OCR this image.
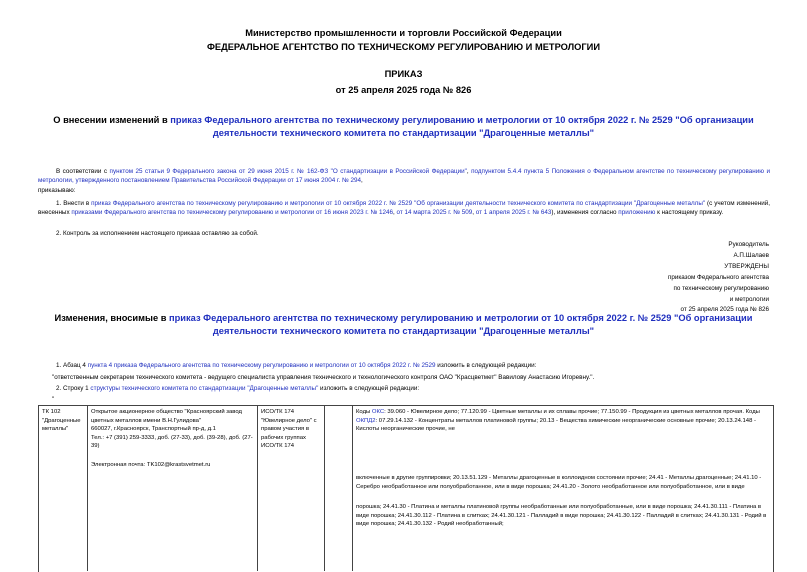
Министерство промышленности и торговли Российской Федерации
ФЕДЕРАЛЬНОЕ АГЕНТСТВО ПО ТЕХНИЧЕСКОМУ РЕГУЛИРОВАНИЮ И МЕТРОЛОГИИ
ПРИКАЗ
от 25 апреля 2025 года № 826
О внесении изменений в приказ Федерального агентства по техническому регулированию и метрологии от 10 октября 2022 г. № 2529 "Об организации деятельности технического комитета по стандартизации "Драгоценные металлы"
В соответствии с пунктом 25 статьи 9 Федерального закона от 29 июня 2015 г. № 162-ФЗ "О стандартизации в Российской Федерации", подпунктом 5.4.4 пункта 5 Положения о Федеральном агентстве по техническому регулированию и метрологии, утвержденного постановлением Правительства Российской Федерации от 17 июня 2004 г. № 294,
приказываю:
1. Внести в приказ Федерального агентства по техническому регулированию и метрологии от 10 октября 2022 г. № 2529 "Об организации деятельности технического комитета по стандартизации "Драгоценные металлы" (с учетом изменений, внесенных приказами Федерального агентства по техническому регулированию и метрологии от 16 июня 2023 г. № 1246, от 14 марта 2025 г. № 509, от 1 апреля 2025 г. № 643), изменения согласно приложению к настоящему приказу.
2. Контроль за исполнением настоящего приказа оставляю за собой.
Руководитель
А.П.Шалаев
УТВЕРЖДЕНЫ
приказом Федерального агентства
по техническому регулированию
и метрологии
от 25 апреля 2025 года № 826
Изменения, вносимые в приказ Федерального агентства по техническому регулированию и метрологии от 10 октября 2022 г. № 2529 "Об организации деятельности технического комитета по стандартизации "Драгоценные металлы"
1. Абзац 4 пункта 4 приказа Федерального агентства по техническому регулированию и метрологии от 10 октября 2022 г. № 2529 изложить в следующей редакции:
"ответственным секретарем технического комитета - ведущего специалиста управления технического и технологического контроля ОАО "Красцветмет" Вавилову Анастасию Игоревну.".
2. Строку 1 структуры технического комитета по стандартизации "Драгоценные металлы" изложить в следующей редакции:
"
ТК 102 "Драгоценные металлы"
Открытое акционерное общество "Красноярский завод цветных металлов имени В.Н.Гулидова"
660027, г.Красноярск, Транспортный пр-д, д.1
Тел.: +7 (391) 259-3333, доб. (27-33), доб. (39-28), доб. (27-39)
Электронная почта: TK102@krastsvetmet.ru
ИСО/ТК 174 "Ювелирное дело" с правом участия в рабочих группах ИСО/ТК 174
Коды ОКС: 39.060 - Ювелирное дело; 77.120.99 - Цветные металлы и их сплавы прочие; 77.150.99 - Продукция из цветных металлов прочая. Коды ОКПД2: 07.29.14.132 - Концентраты металлов платиновой группы; 20.13 - Вещества химические неорганические основные прочие; 20.13.24.148 - Кислоты неорганические прочие, не
включенные в другие группировки; 20.13.51.129 - Металлы драгоценные в коллоидном состоянии прочие; 24.41 - Металлы драгоценные; 24.41.10 - Серебро необработанное или полуобработанное, или в виде порошка; 24.41.20 - Золото необработанное или полуобработанное, или в виде
порошка; 24.41.30 - Платина и металлы платиновой группы необработанные или полуобработанные, или в виде порошка; 24.41.30.111 - Платина в виде порошка; 24.41.30.112 - Платина в слитках; 24.41.30.121 - Палладий в виде порошка; 24.41.30.122 - Палладий в слитках; 24.41.30.131 - Родий в виде порошка; 24.41.30.132 - Родий необработанный;
